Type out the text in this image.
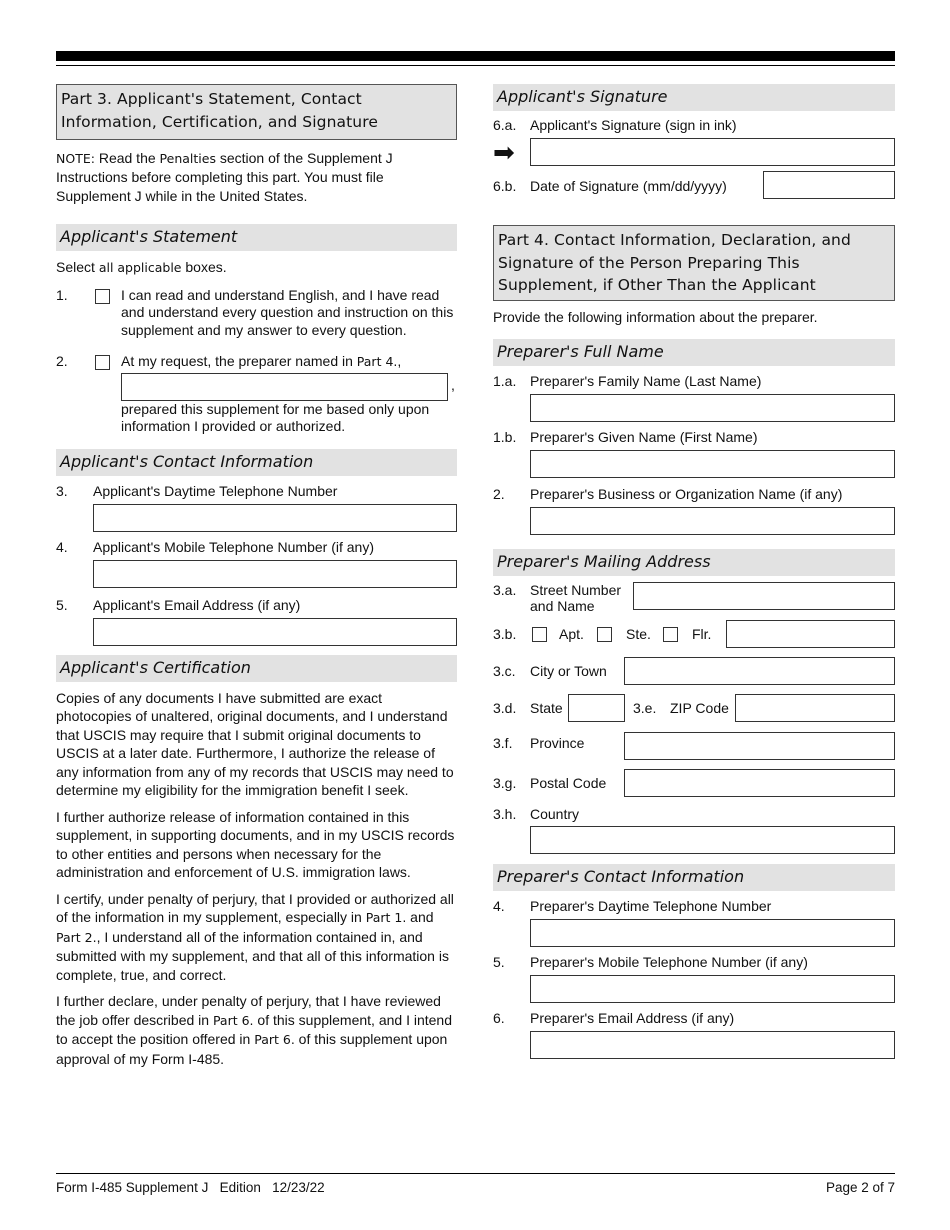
Part 3. Applicant's Statement, Contact Information, Certification, and Signature

NOTE: Read the Penalties section of the Supplement J Instructions before completing this part. You must file Supplement J while in the United States.

Applicant's Statement

Select all applicable boxes.

1.	I can read and understand English, and I have read and understand every question and instruction on this supplement and my answer to every question.

2.	At my request, the preparer named in Part 4.,

,

prepared this supplement for me based only upon information I provided or authorized.

Applicant's Contact Information
3. Applicant's Daytime Telephone Number
4. Applicant's Mobile Telephone Number (if any)
5. Applicant's Email Address (if any)
Applicant's Certification

Copies of any documents I have submitted are exact photocopies of unaltered, original documents, and I understand that USCIS may require that I submit original documents to USCIS at a later date. Furthermore, I authorize the release of any information from any of my records that USCIS may need to determine my eligibility for the immigration benefit I seek.

I further authorize release of information contained in this supplement, in supporting documents, and in my USCIS records to other entities and persons when necessary for the administration and enforcement of U.S. immigration laws.

I certify, under penalty of perjury, that I provided or authorized all of the information in my supplement, especially in Part 1. and Part 2., I understand all of the information contained in, and submitted with my supplement, and that all of this information is complete, true, and correct.

I further declare, under penalty of perjury, that I have reviewed the job offer described in Part 6. of this supplement, and I intend to accept the position offered in Part 6. of this supplement upon approval of my Form I-485.

Applicant's Signature
6.a. Applicant's Signature (sign in ink)
➡
6.b. Date of Signature (mm/dd/yyyy)
Part 4. Contact Information, Declaration, and Signature of the Person Preparing This Supplement, if Other Than the Applicant

Provide the following information about the preparer.

Preparer's Full Name
1.a. Preparer's Family Name (Last Name)
1.b. Preparer's Given Name (First Name)
2. Preparer's Business or Organization Name (if any)
Preparer's Mailing Address
3.a. Street Number
and Name
3.b.	Apt.	Ste.	Flr.
3.c. City or Town
3.d. State	3.e. ZIP Code
3.f. Province
3.g. Postal Code
3.h. Country
Preparer's Contact Information
4. Preparer's Daytime Telephone Number
5. Preparer's Mobile Telephone Number (if any)
6. Preparer's Email Address (if any)
Form I-485 Supplement J   Edition   12/23/22	Page 2 of 7
